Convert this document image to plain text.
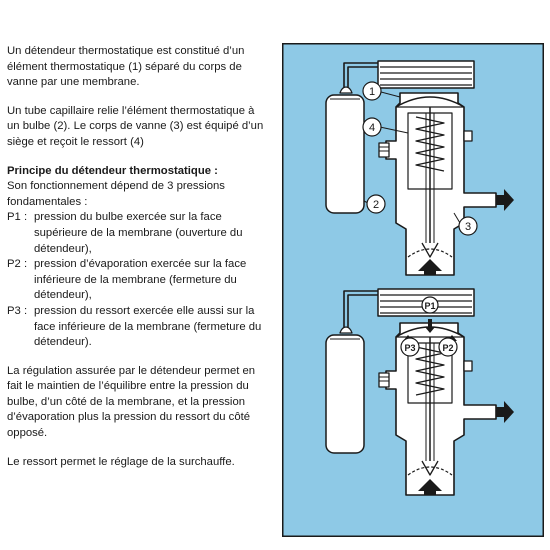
Un détendeur thermostatique est constitué d’un élément thermostatique (1) séparé du corps de vanne par une membrane.

Un tube capillaire relie l’élément thermostatique à un bulbe (2). Le corps de vanne (3) est équipé d’un siège et reçoit le ressort (4)

Principe du détendeur thermostatique :
Son fonctionnement dépend de 3 pressions fondamentales :
P1 : pression du bulbe exercée sur la face supérieure de la membrane (ouverture du détendeur),
P2 : pression d’évaporation exercée sur la face inférieure de la membrane (fermeture du détendeur),
P3 : pression du ressort exercée elle aussi sur la face inférieure de la membrane (fermeture du détendeur).

La régulation assurée par le détendeur permet en fait le maintien de l’équilibre entre la pression du bulbe, d’un côté de la membrane, et la pression d’évaporation plus la pression du ressort du côté opposé.

Le ressort permet le réglage de la surchauffe.

1
4
2
3
P1
P3	P2
